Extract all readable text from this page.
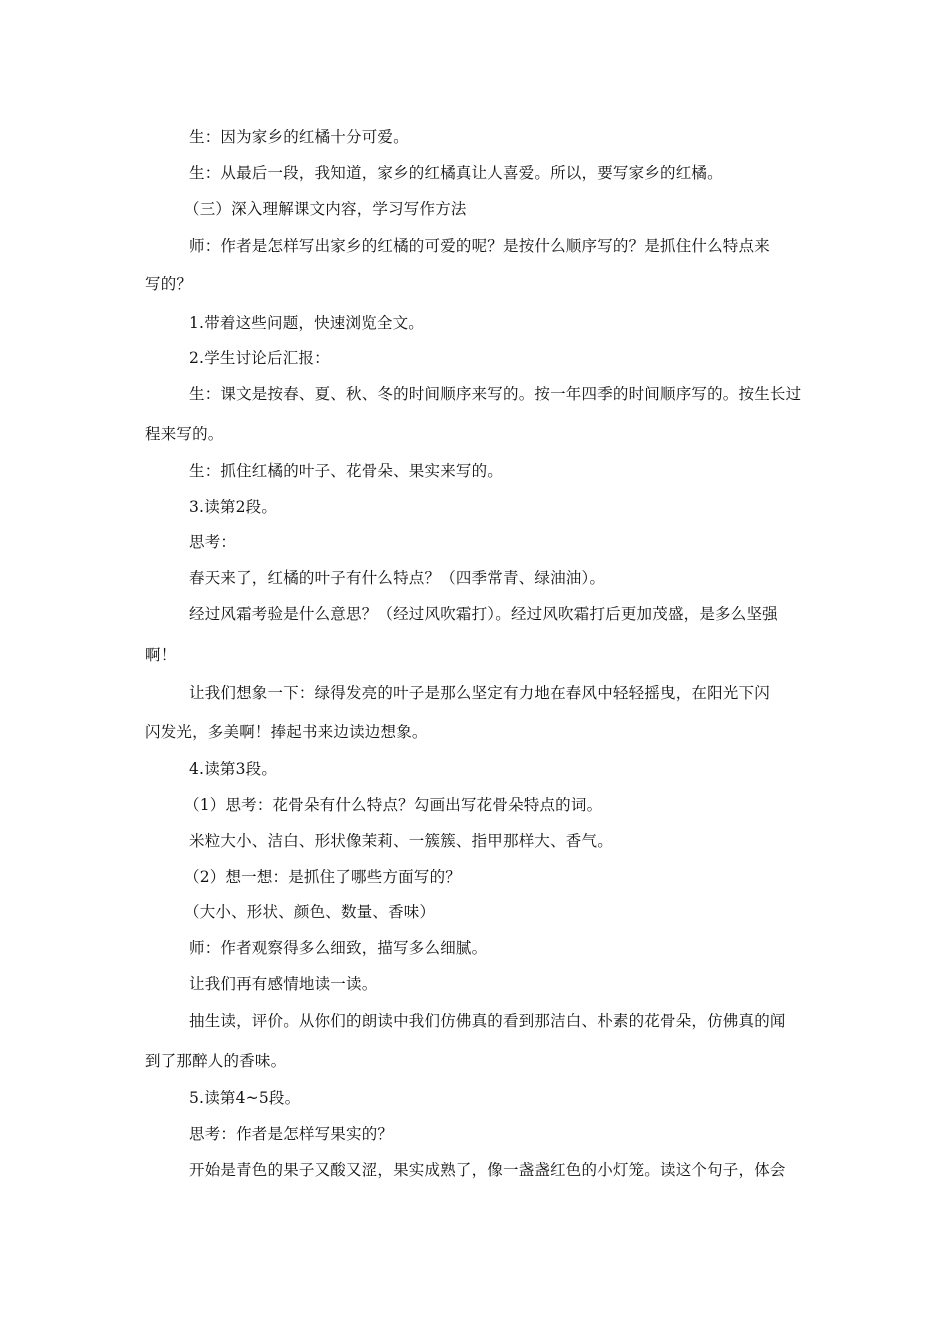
生：因为家乡的红橘十分可爱。
生：从最后一段，我知道，家乡的红橘真让人喜爱。所以，要写家乡的红橘。
（三）深入理解课文内容，学习写作方法
师：作者是怎样写出家乡的红橘的可爱的呢？是按什么顺序写的？是抓住什么特点来
写的？
1.带着这些问题，快速浏览全文。
2.学生讨论后汇报：
生：课文是按春、夏、秋、冬的时间顺序来写的。按一年四季的时间顺序写的。按生长过
程来写的。
生：抓住红橘的叶子、花骨朵、果实来写的。
3.读第2段。
思考：
春天来了，红橘的叶子有什么特点？（四季常青、绿油油）。
经过风霜考验是什么意思？（经过风吹霜打）。经过风吹霜打后更加茂盛，是多么坚强
啊！
让我们想象一下：绿得发亮的叶子是那么坚定有力地在春风中轻轻摇曳，在阳光下闪
闪发光，多美啊！捧起书来边读边想象。
4.读第3段。
（1）思考：花骨朵有什么特点？勾画出写花骨朵特点的词。
米粒大小、洁白、形状像茉莉、一簇簇、指甲那样大、香气。
（2）想一想：是抓住了哪些方面写的？
（大小、形状、颜色、数量、香味）
师：作者观察得多么细致，描写多么细腻。
让我们再有感情地读一读。
抽生读，评价。从你们的朗读中我们仿佛真的看到那洁白、朴素的花骨朵，仿佛真的闻
到了那醉人的香味。
5.读第4~5段。
思考：作者是怎样写果实的？
开始是青色的果子又酸又涩，果实成熟了，像一盏盏红色的小灯笼。读这个句子，体会
